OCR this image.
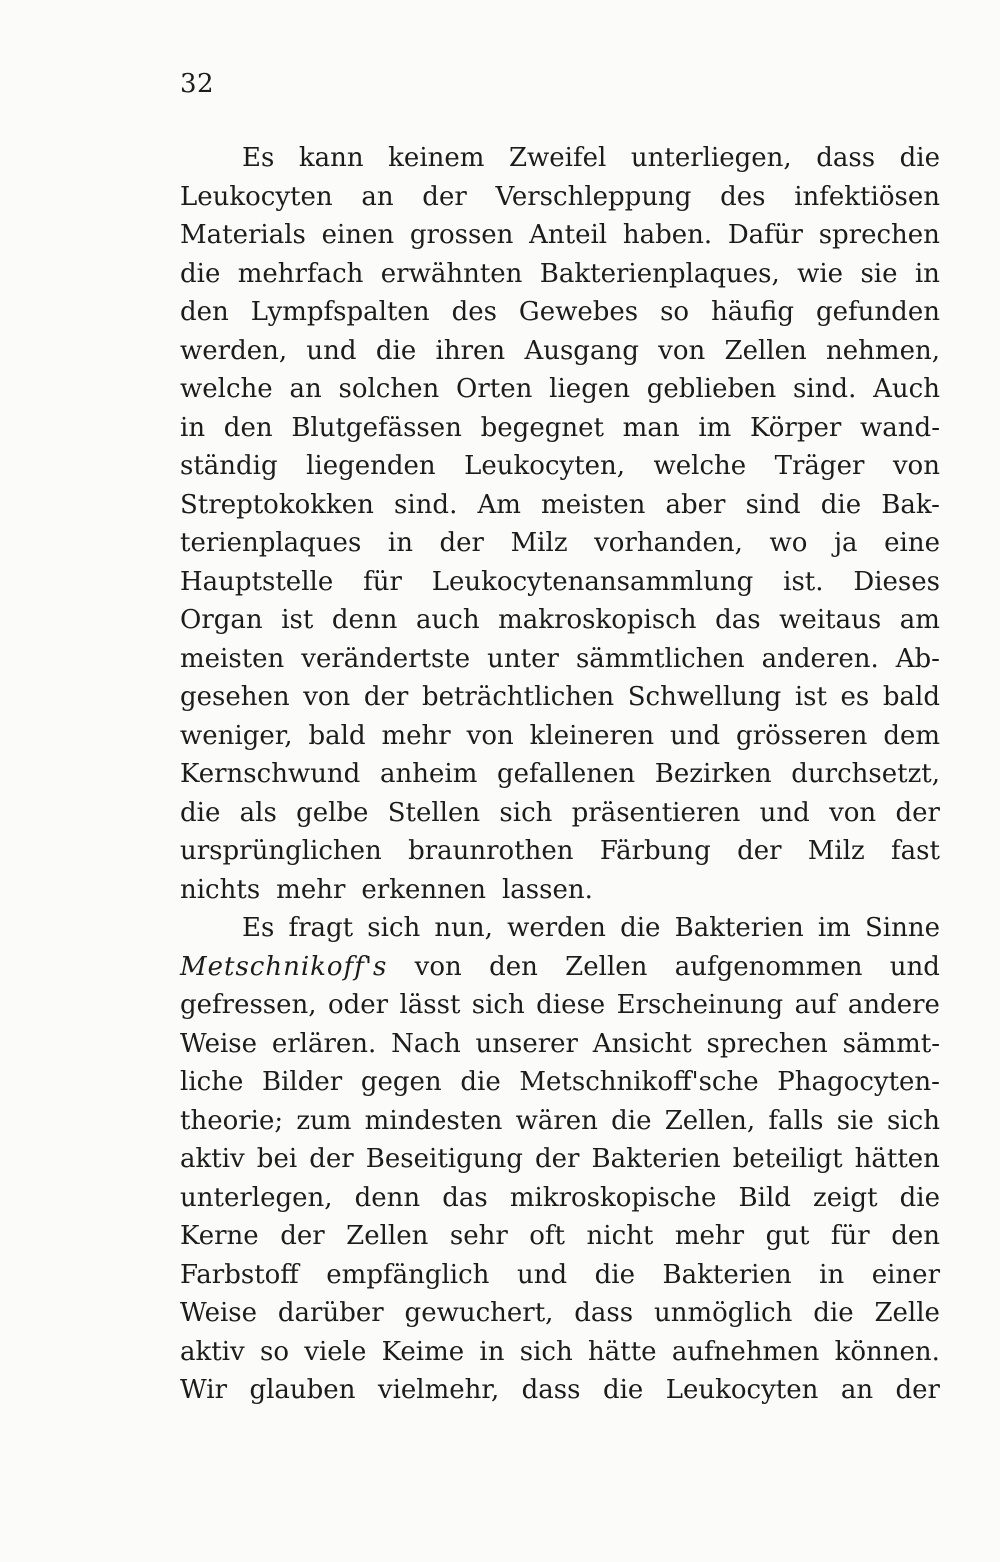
32
Es kann keinem Zweifel unterliegen, dass die
Leukocyten an der Verschleppung des infektiösen
Materials einen grossen Anteil haben. Dafür sprechen
die mehrfach erwähnten Bakterienplaques, wie sie in
den Lympfspalten des Gewebes so häufig gefunden
werden, und die ihren Ausgang von Zellen nehmen,
welche an solchen Orten liegen geblieben sind. Auch
in den Blutgefässen begegnet man im Körper wand-
ständig liegenden Leukocyten, welche Träger von
Streptokokken sind. Am meisten aber sind die Bak-
terienplaques in der Milz vorhanden, wo ja eine
Hauptstelle für Leukocytenansammlung ist. Dieses
Organ ist denn auch makroskopisch das weitaus am
meisten verändertste unter sämmtlichen anderen. Ab-
gesehen von der beträchtlichen Schwellung ist es bald
weniger, bald mehr von kleineren und grösseren dem
Kernschwund anheim gefallenen Bezirken durchsetzt,
die als gelbe Stellen sich präsentieren und von der
ursprünglichen braunrothen Färbung der Milz fast
nichts mehr erkennen lassen.
Es fragt sich nun, werden die Bakterien im Sinne
Metschnikoff's von den Zellen aufgenommen und
gefressen, oder lässt sich diese Erscheinung auf andere
Weise erlären. Nach unserer Ansicht sprechen sämmt-
liche Bilder gegen die Metschnikoff'sche Phagocyten-
theorie; zum mindesten wären die Zellen, falls sie sich
aktiv bei der Beseitigung der Bakterien beteiligt hätten
unterlegen, denn das mikroskopische Bild zeigt die
Kerne der Zellen sehr oft nicht mehr gut für den
Farbstoff empfänglich und die Bakterien in einer
Weise darüber gewuchert, dass unmöglich die Zelle
aktiv so viele Keime in sich hätte aufnehmen können.
Wir glauben vielmehr, dass die Leukocyten an der
